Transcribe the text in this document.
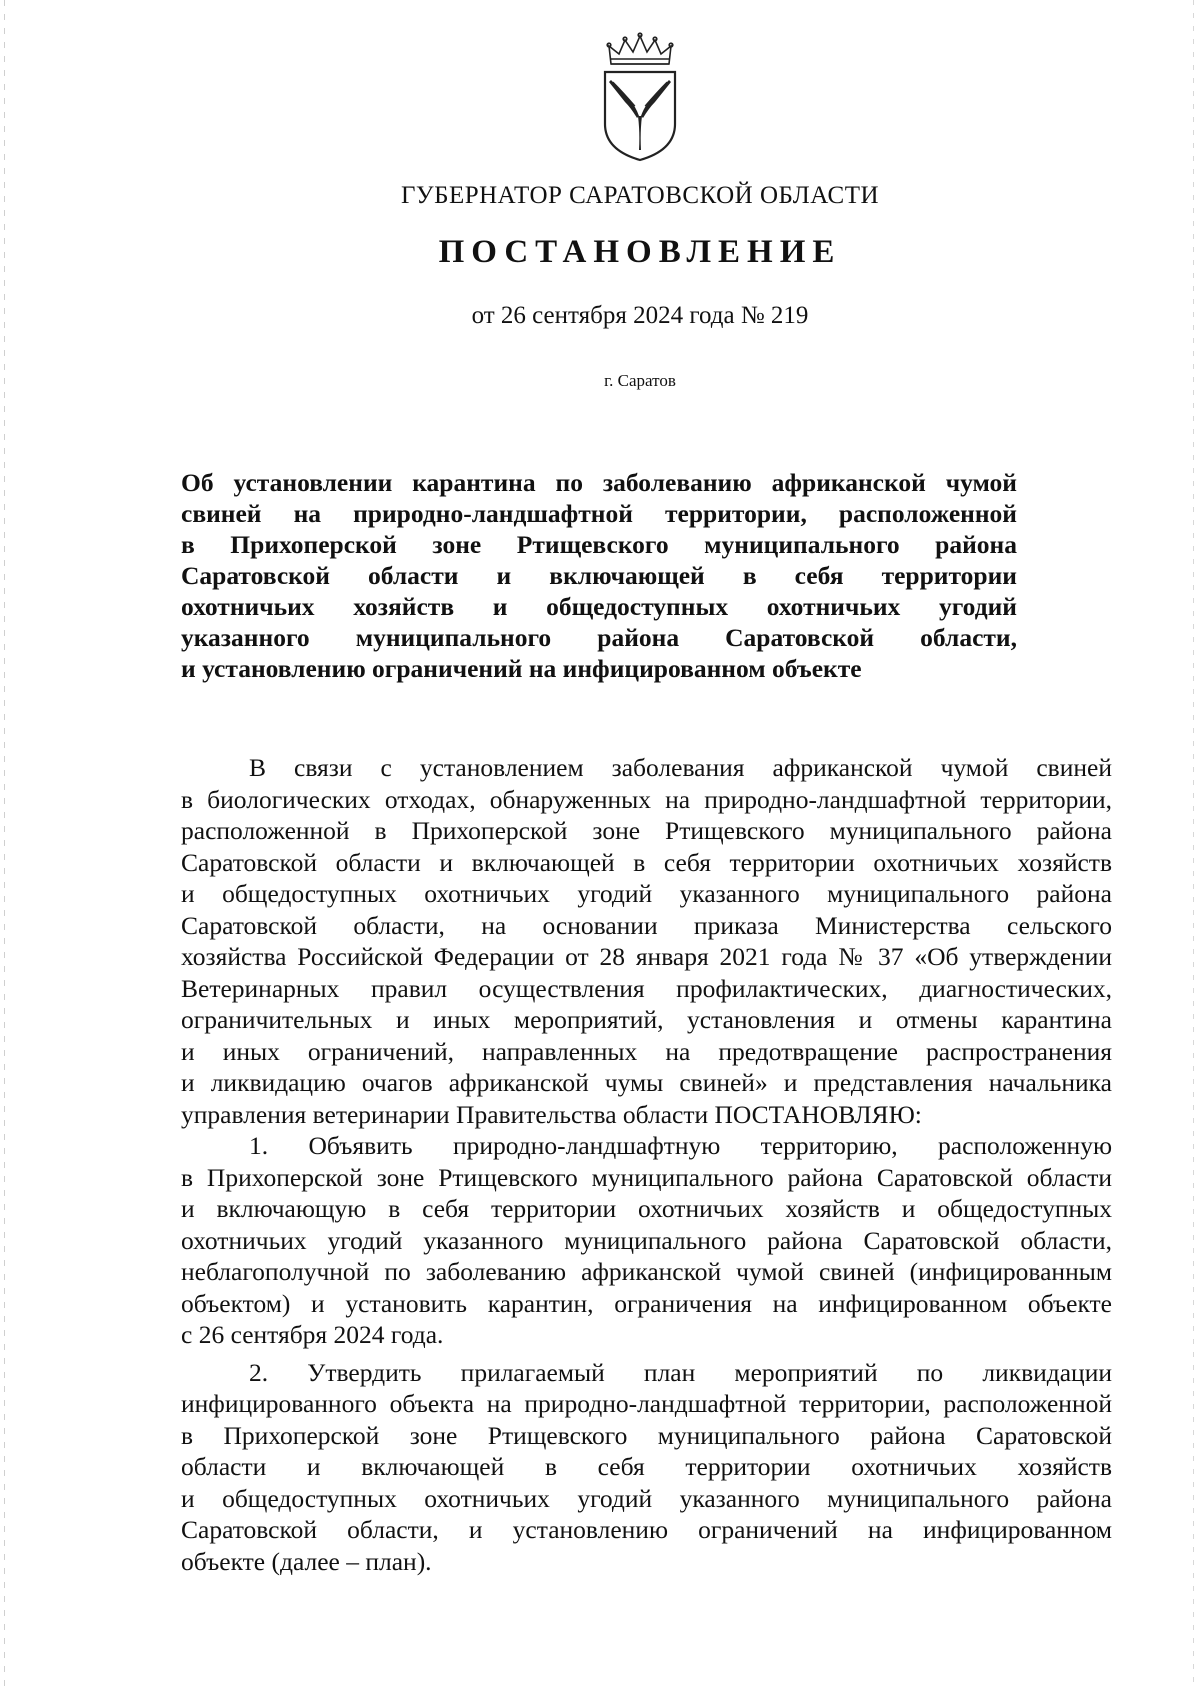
ГУБЕРНАТОР САРАТОВСКОЙ ОБЛАСТИ
ПОСТАНОВЛЕНИЕ
от 26 сентября 2024 года № 219
г. Саратов
Об установлении карантина по заболеванию африканской чумой
свиней на природно-ландшафтной территории, расположенной
в Прихоперской зоне Ртищевского муниципального района
Саратовской области и включающей в себя территории
охотничьих хозяйств и общедоступных охотничьих угодий
указанного муниципального района Саратовской области,
и установлению ограничений на инфицированном объекте
В связи с установлением заболевания африканской чумой свиней
в биологических отходах, обнаруженных на природно-ландшафтной территории,
расположенной в Прихоперской зоне Ртищевского муниципального района
Саратовской области и включающей в себя территории охотничьих хозяйств
и общедоступных охотничьих угодий указанного муниципального района
Саратовской области, на основании приказа Министерства сельского
хозяйства Российской Федерации от 28 января 2021 года № 37 «Об утверждении
Ветеринарных правил осуществления профилактических, диагностических,
ограничительных и иных мероприятий, установления и отмены карантина
и иных ограничений, направленных на предотвращение распространения
и ликвидацию очагов африканской чумы свиней» и представления начальника
управления ветеринарии Правительства области ПОСТАНОВЛЯЮ:
1. Объявить природно-ландшафтную территорию, расположенную
в Прихоперской зоне Ртищевского муниципального района Саратовской области
и включающую в себя территории охотничьих хозяйств и общедоступных
охотничьих угодий указанного муниципального района Саратовской области,
неблагополучной по заболеванию африканской чумой свиней (инфицированным
объектом) и установить карантин, ограничения на инфицированном объекте
с 26 сентября 2024 года.
2. Утвердить прилагаемый план мероприятий по ликвидации
инфицированного объекта на природно-ландшафтной территории, расположенной
в Прихоперской зоне Ртищевского муниципального района Саратовской
области и включающей в себя территории охотничьих хозяйств
и общедоступных охотничьих угодий указанного муниципального района
Саратовской области, и установлению ограничений на инфицированном
объекте (далее – план).
